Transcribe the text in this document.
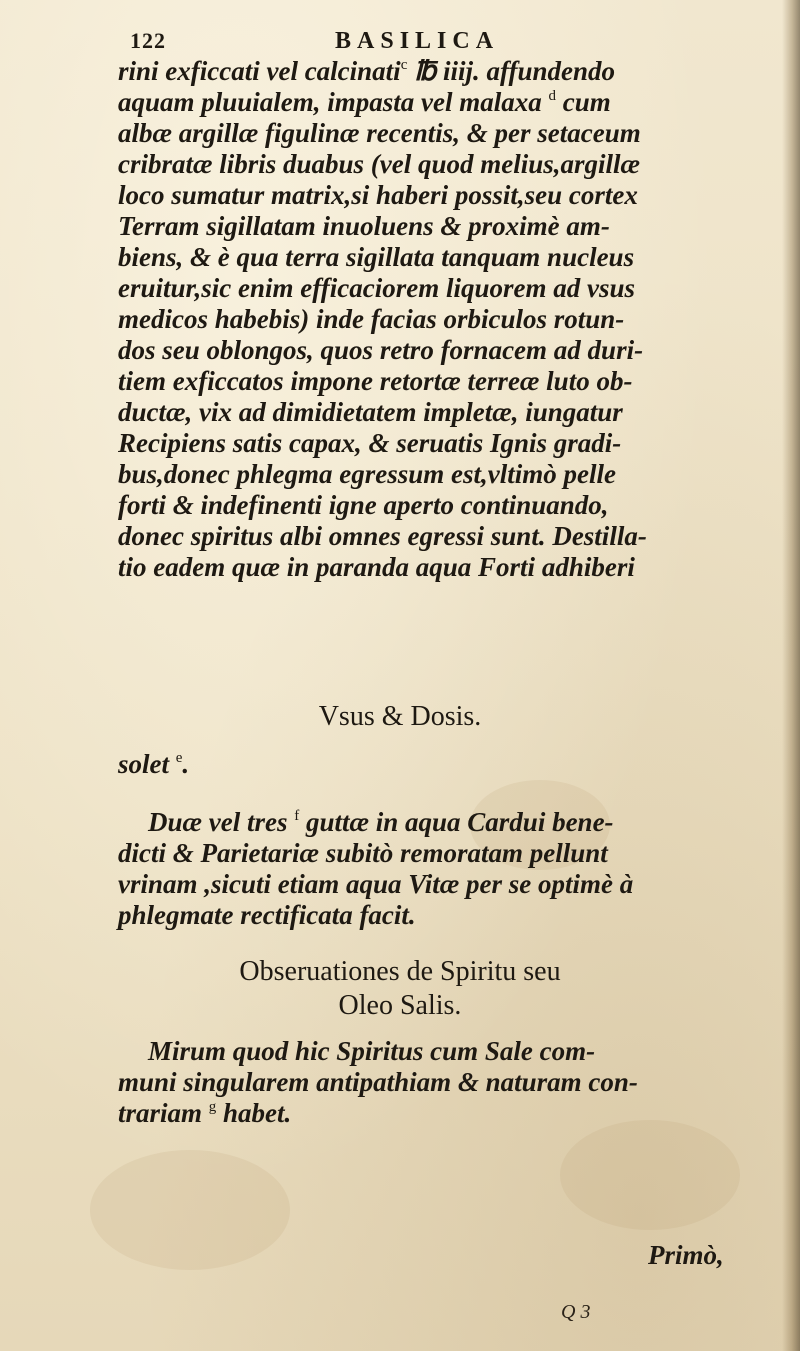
122	BASILICA
rini exficcati vel calcinati$^c$ ℔ iiij. affundendo
aquam pluuialem, impasta vel malaxa $^d$ cum
albæ argillæ figulinæ recentis, & per setaceum
cribratæ libris duabus (vel quod melius,argillæ
loco sumatur matrix,si haberi possit,seu cortex
Terram sigillatam inuoluens & proximè am-
biens, & è qua terra sigillata tanquam nucleus
eruitur,sic enim efficaciorem liquorem ad vsus
medicos habebis) inde facias orbiculos rotun-
dos seu oblongos, quos retro fornacem ad duri-
tiem exficcatos impone retortæ terreæ luto ob-
ductæ, vix ad dimidietatem impletæ, iungatur
Recipiens satis capax, & seruatis Ignis gradi-
bus,donec phlegma egressum est,vltimò pelle
forti & indefinenti igne aperto continuando,
donec spiritus albi omnes egressi sunt. Destilla-
tio eadem quæ in paranda aqua Forti adhiberi
solet $^e$.
Vsus & Dosis.
Duæ vel tres $^f$ guttæ in aqua Cardui bene-
dicti & Parietariæ subitò remoratam pellunt
vrinam ,sicuti etiam aqua Vitæ per se optimè à
phlegmate rectificata facit.
Obseruationes de Spiritu seu
Oleo Salis.
Mirum quod hic Spiritus cum Sale com-
muni singularem antipathiam & naturam con-
trariam $^g$ habet.
Primò,
Q 3
